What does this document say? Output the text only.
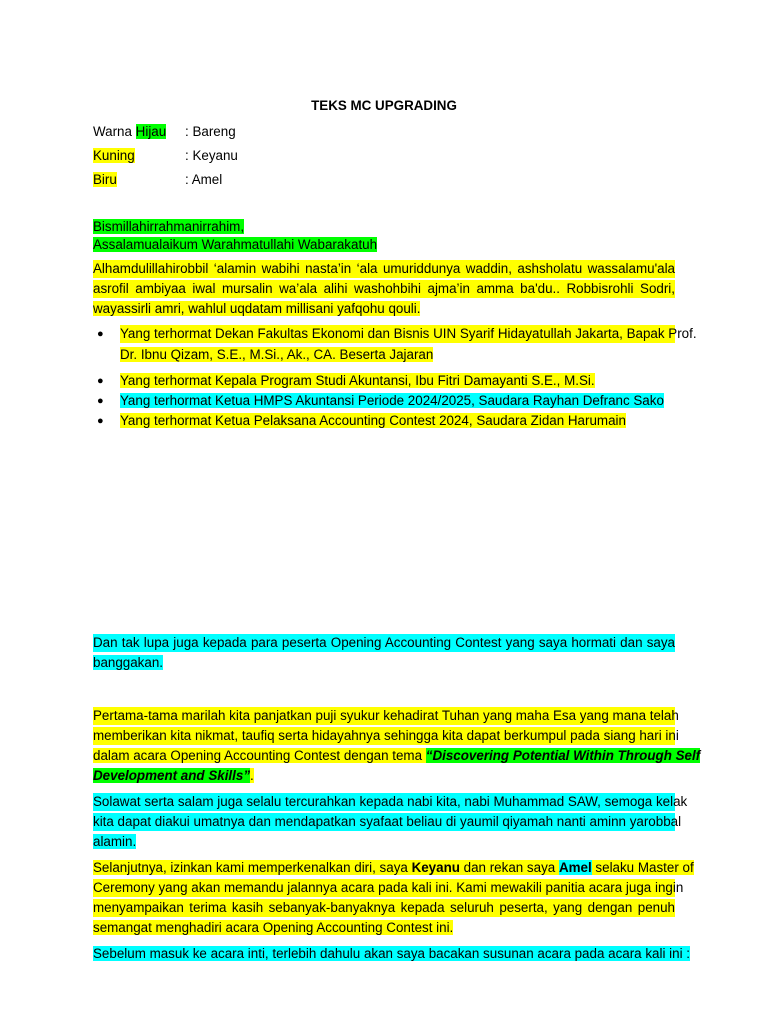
TEKS MC UPGRADING
Warna Hijau : Bareng
Kuning	: Keyanu
Biru	: Amel
Bismillahirrahmanirrahim,
Assalamualaikum Warahmatullahi Wabarakatuh
Alhamdulillahirobbil ‘alamin wabihi nasta’in ‘ala umuriddunya waddin, ashsholatu wassalamu'ala
asrofil ambiyaa iwal mursalin wa’ala alihi washohbihi ajma’in amma ba'du.. Robbisrohli Sodri,
wayassirli amri, wahlul uqdatam millisani yafqohu qouli.
● Yang terhormat Dekan Fakultas Ekonomi dan Bisnis UIN Syarif Hidayatullah Jakarta, Bapak Prof.
Dr. Ibnu Qizam, S.E., M.Si., Ak., CA. Beserta Jajaran
● Yang terhormat Kepala Program Studi Akuntansi, Ibu Fitri Damayanti S.E., M.Si.
● Yang terhormat Ketua HMPS Akuntansi Periode 2024/2025, Saudara Rayhan Defranc Sako
● Yang terhormat Ketua Pelaksana Accounting Contest 2024, Saudara Zidan Harumain
Dan tak lupa juga kepada para peserta Opening Accounting Contest yang saya hormati dan saya
banggakan.
Pertama-tama marilah kita panjatkan puji syukur kehadirat Tuhan yang maha Esa yang mana telah
memberikan kita nikmat, taufiq serta hidayahnya sehingga kita dapat berkumpul pada siang hari ini
dalam acara Opening Accounting Contest dengan tema “Discovering Potential Within Through Self
Development and Skills”.
Solawat serta salam juga selalu tercurahkan kepada nabi kita, nabi Muhammad SAW, semoga kelak
kita dapat diakui umatnya dan mendapatkan syafaat beliau di yaumil qiyamah nanti aminn yarobbal
alamin.
Selanjutnya, izinkan kami memperkenalkan diri, saya Keyanu dan rekan saya Amel selaku Master of
Ceremony yang akan memandu jalannya acara pada kali ini. Kami mewakili panitia acara juga ingin
menyampaikan terima kasih sebanyak-banyaknya kepada seluruh peserta, yang dengan penuh
semangat menghadiri acara Opening Accounting Contest ini.
Sebelum masuk ke acara inti, terlebih dahulu akan saya bacakan susunan acara pada acara kali ini :
